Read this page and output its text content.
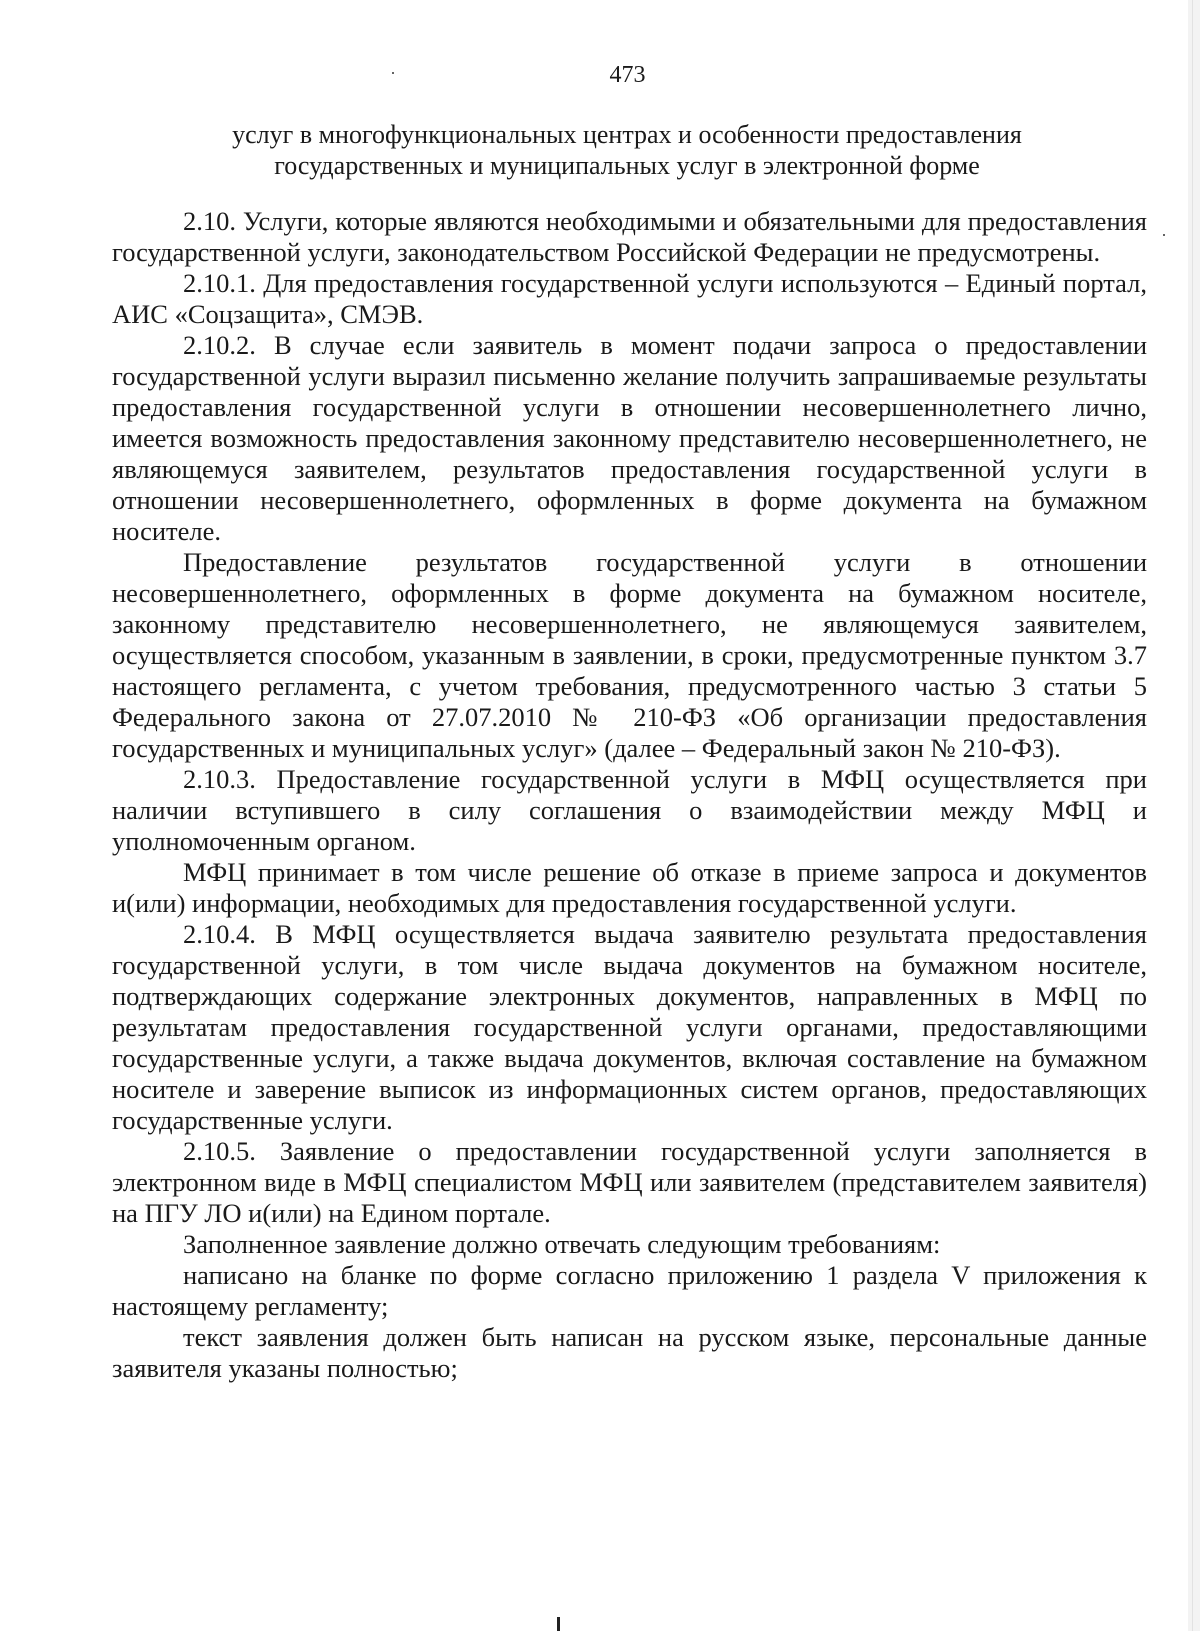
473
услуг в многофункциональных центрах и особенности предоставления
государственных и муниципальных услуг в электронной форме

2.10. Услуги, которые являются необходимыми и обязательными для предоставления государственной услуги, законодательством Российской Федерации не предусмотрены.

2.10.1. Для предоставления государственной услуги используются – Единый портал, АИС «Соцзащита», СМЭВ.

2.10.2. В случае если заявитель в момент подачи запроса о предоставлении государственной услуги выразил письменно желание получить запрашиваемые результаты предоставления государственной услуги в отношении несовершеннолетнего лично, имеется возможность предоставления законному представителю несовершеннолетнего, не являющемуся заявителем, результатов предоставления государственной услуги в отношении несовершеннолетнего, оформленных в форме документа на бумажном носителе.

Предоставление результатов государственной услуги в отношении несовершеннолетнего, оформленных в форме документа на бумажном носителе, законному представителю несовершеннолетнего, не являющемуся заявителем, осуществляется способом, указанным в заявлении, в сроки, предусмотренные пунктом 3.7 настоящего регламента, с учетом требования, предусмотренного частью 3 статьи 5 Федерального закона от 27.07.2010 № 210-ФЗ «Об организации предоставления государственных и муниципальных услуг» (далее – Федеральный закон № 210-ФЗ).

2.10.3. Предоставление государственной услуги в МФЦ осуществляется при наличии вступившего в силу соглашения о взаимодействии между МФЦ и уполномоченным органом.

МФЦ принимает в том числе решение об отказе в приеме запроса и документов и(или) информации, необходимых для предоставления государственной услуги.

2.10.4. В МФЦ осуществляется выдача заявителю результата предоставления государственной услуги, в том числе выдача документов на бумажном носителе, подтверждающих содержание электронных документов, направленных в МФЦ по результатам предоставления государственной услуги органами, предоставляющими государственные услуги, а также выдача документов, включая составление на бумажном носителе и заверение выписок из информационных систем органов, предоставляющих государственные услуги.

2.10.5. Заявление о предоставлении государственной услуги заполняется в электронном виде в МФЦ специалистом МФЦ или заявителем (представителем заявителя) на ПГУ ЛО и(или) на Едином портале.

Заполненное заявление должно отвечать следующим требованиям:

написано на бланке по форме согласно приложению 1 раздела V приложения к настоящему регламенту;

текст заявления должен быть написан на русском языке, персональные данные заявителя указаны полностью;
